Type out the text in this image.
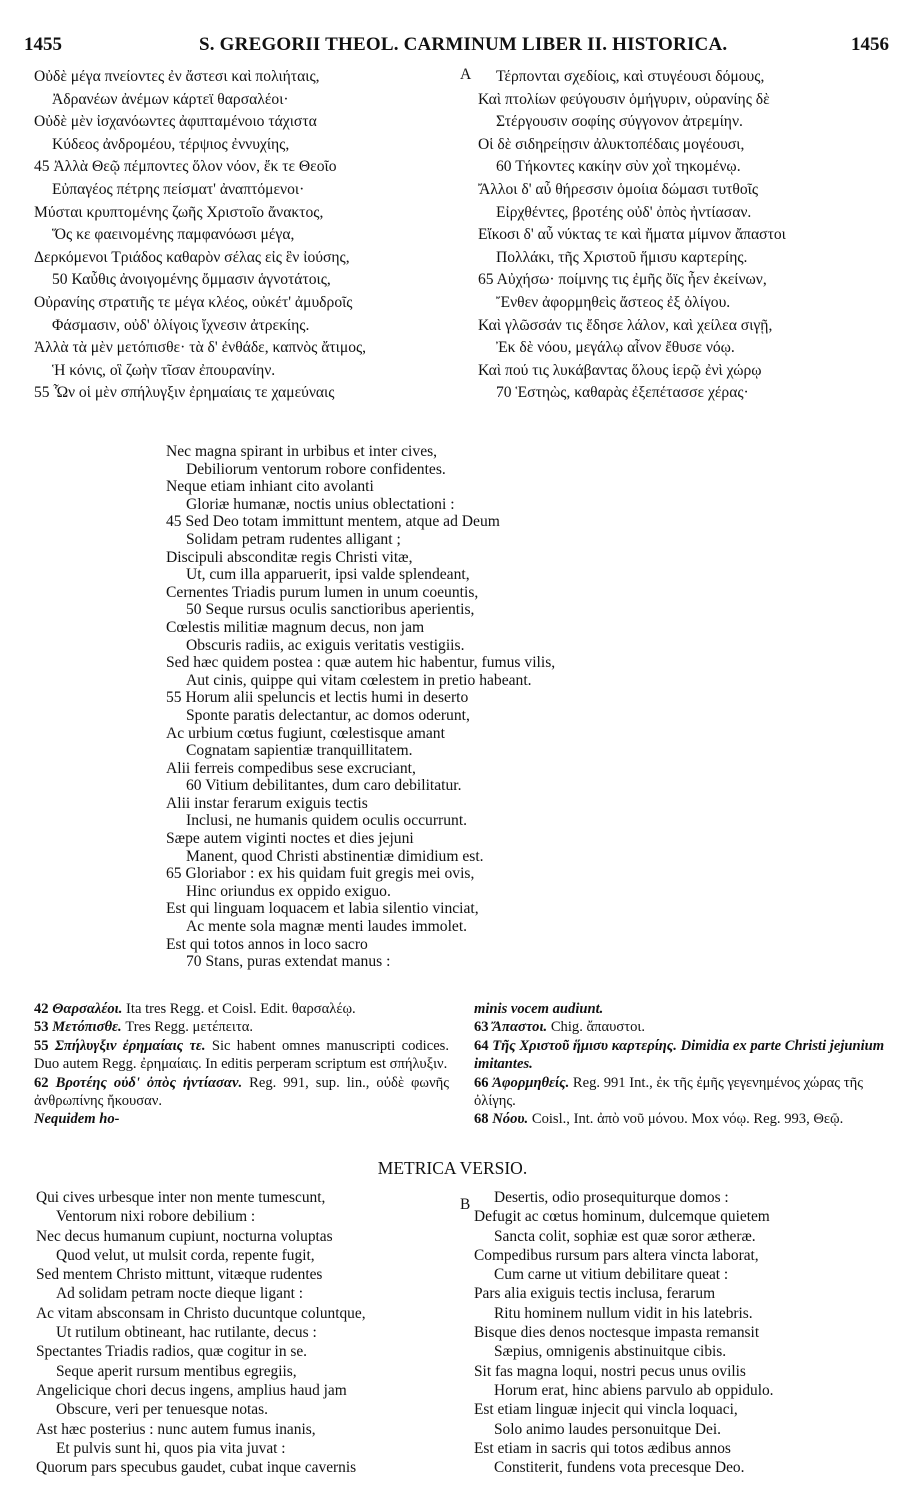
1455	S. GREGORII THEOL. CARMINUM LIBER II. HISTORICA.	1456
Οὐδὲ μέγα πνείοντες ἐν ἄστεσι καὶ πολιήταις,
Ἀδρανέων ἀνέμων κάρτεϊ θαρσαλέοι·
Οὐδὲ μὲν ἰσχανόωντες ἀφιπταμένοιο τάχιστα
Κύδεος ἀνδρομέου, τέρψιος ἐννυχίης,
45 Ἀλλὰ Θεῷ πέμποντες ὅλον νόον, ἔκ τε Θεοῖο
Εὐπαγέος πέτρης πείσματ' ἀναπτόμενοι·
Μύσται κρυπτομένης ζωῆς Χριστοῖο ἄνακτος,
Ὅς κε φαεινομένης παμφανόωσι μέγα,
Δερκόμενοι Τριάδος καθαρὸν σέλας εἰς ἓν ἰούσης,
50 Καὖθις ἀνοιγομένης ὄμμασιν ἁγνοτάτοις,
Οὐρανίης στρατιῆς τε μέγα κλέος, οὐκέτ' ἀμυδροῖς
Φάσμασιν, οὐδ' ὀλίγοις ἴχνεσιν ἀτρεκίης.
Ἀλλὰ τὰ μὲν μετόπισθε· τὰ δ' ἐνθάδε, καπνὸς ἄτιμος,
Ἡ κόνις, οἳ ζωὴν τῖσαν ἐπουρανίην.
55 Ὧν οἱ μὲν σπήλυγξιν ἐρημαίαις τε χαμεύναις
A	Τέρπονται σχεδίοις, καὶ στυγέουσι δόμους,
Καὶ πτολίων φεύγουσιν ὁμήγυριν, οὐρανίης δὲ
Στέργουσιν σοφίης σύγγονον ἀτρεμίην.
Οἱ δὲ σιδηρείῃσιν ἀλυκτοπέδαις μογέουσι,
60 Τήκοντες κακίην σὺν χοῒ τηκομένῳ.
Ἄλλοι δ' αὖ θήρεσσιν ὁμοίια δώμασι τυτθοῖς
Εἰρχθέντες, βροτέης οὐδ' ὀπὸς ἠντίασαν.
Εἴκοσι δ' αὖ νύκτας τε καὶ ἤματα μίμνον ἄπαστοι
Πολλάκι, τῆς Χριστοῦ ἥμισυ καρτερίης.
65 Αὐχήσω· ποίμνης τις ἐμῆς ὄϊς ἦεν ἐκείνων,
Ἔνθεν ἀφορμηθεὶς ἄστεος ἐξ ὀλίγου.
Καὶ γλῶσσάν τις ἔδησε λάλον, καὶ χείλεα σιγῇ,
Ἐκ δὲ νόου, μεγάλῳ αἶνον ἔθυσε νόῳ.
Καὶ πού τις λυκάβαντας ὅλους ἱερῷ ἐνὶ χώρῳ
70 Ἑστηὼς, καθαρὰς ἐξεπέτασσε χέρας·
Nec magna spirant in urbibus et inter cives,
Debiliorum ventorum robore confidentes.
Neque etiam inhiant cito avolanti
Gloriæ humanæ, noctis unius oblectationi :
45 Sed Deo totam immittunt mentem, atque ad Deum
Solidam petram rudentes alligant ;
Discipuli absconditæ regis Christi vitæ,
Ut, cum illa apparuerit, ipsi valde splendeant,
Cernentes Triadis purum lumen in unum coeuntis,
50 Seque rursus oculis sanctioribus aperientis,
Cœlestis militiæ magnum decus, non jam
Obscuris radiis, ac exiguis veritatis vestigiis.
Sed hæc quidem postea : quæ autem hic habentur, fumus vilis,
Aut cinis, quippe qui vitam cœlestem in pretio habeant.
55 Horum alii speluncis et lectis humi in deserto
Sponte paratis delectantur, ac domos oderunt,
Ac urbium cœtus fugiunt, cœlestisque amant
Cognatam sapientiæ tranquillitatem.
Alii ferreis compedibus sese excruciant,
60 Vitium debilitantes, dum caro debilitatur.
Alii instar ferarum exiguis tectis
Inclusi, ne humanis quidem oculis occurrunt.
Sæpe autem viginti noctes et dies jejuni
Manent, quod Christi abstinentiæ dimidium est.
65 Gloriabor : ex his quidam fuit gregis mei ovis,
Hinc oriundus ex oppido exiguo.
Est qui linguam loquacem et labia silentio vinciat,
Ac mente sola magnæ menti laudes immolet.
Est qui totos annos in loco sacro
70 Stans, puras extendat manus :
42 Θαρσαλέοι. Ita tres Regg. et Coisl. Edit. θαρσαλέῳ.
53 Μετόπισθε. Tres Regg. μετέπειτα.
55 Σπήλυγξιν ἐρημαίαις τε. Sic habent omnes manuscripti codices. Duo autem Regg. ἐρημαίαις. In editis perperam scriptum est σπήλυξιν.
62 Βροτέης οὐδ' ὀπὸς ἠντίασαν. Reg. 991, sup. lin., οὐδὲ φωνῆς ἀνθρωπίνης ἤκουσαν.
Nequidem ho-
minis vocem audiunt.
63 Ἄπαστοι. Chig. ἄπαυστοι.
64 Τῆς Χριστοῦ ἥμισυ καρτερίης. Dimidia ex parte Christi jejunium imitantes.
66 Ἀφορμηθείς. Reg. 991 Int., ἐκ τῆς ἐμῆς γεγενημένος χώρας τῆς ὀλίγης.
68 Νόου. Coisl., Int. ἀπὸ νοῦ μόνου. Mox νόῳ. Reg. 993, Θεῷ.
METRICA VERSIO.
Qui cives urbesque inter non mente tumescunt,
Ventorum nixi robore debilium :
Nec decus humanum cupiunt, nocturna voluptas
Quod velut, ut mulsit corda, repente fugit,
Sed mentem Christo mittunt, vitæque rudentes
Ad solidam petram nocte dieque ligant :
Ac vitam absconsam in Christo ducuntque coluntque,
Ut rutilum obtineant, hac rutilante, decus :
Spectantes Triadis radios, quæ cogitur in se.
Seque aperit rursum mentibus egregiis,
Angelicique chori decus ingens, amplius haud jam
Obscure, veri per tenuesque notas.
Ast hæc posterius : nunc autem fumus inanis,
Et pulvis sunt hi, quos pia vita juvat :
Quorum pars specubus gaudet, cubat inque cavernis
B	Desertis, odio prosequiturque domos :
Defugit ac cœtus hominum, dulcemque quietem
Sancta colit, sophiæ est quæ soror ætheræ.
Compedibus rursum pars altera vincta laborat,
Cum carne ut vitium debilitare queat :
Pars alia exiguis tectis inclusa, ferarum
Ritu hominem nullum vidit in his latebris.
Bisque dies denos noctesque impasta remansit
Sæpius, omnigenis abstinuitque cibis.
Sit fas magna loqui, nostri pecus unus ovilis
Horum erat, hinc abiens parvulo ab oppidulo.
Est etiam linguæ injecit qui vincla loquaci,
Solo animo laudes personuitque Dei.
Est etiam in sacris qui totos ædibus annos
Constiterit, fundens vota precesque Deo.
